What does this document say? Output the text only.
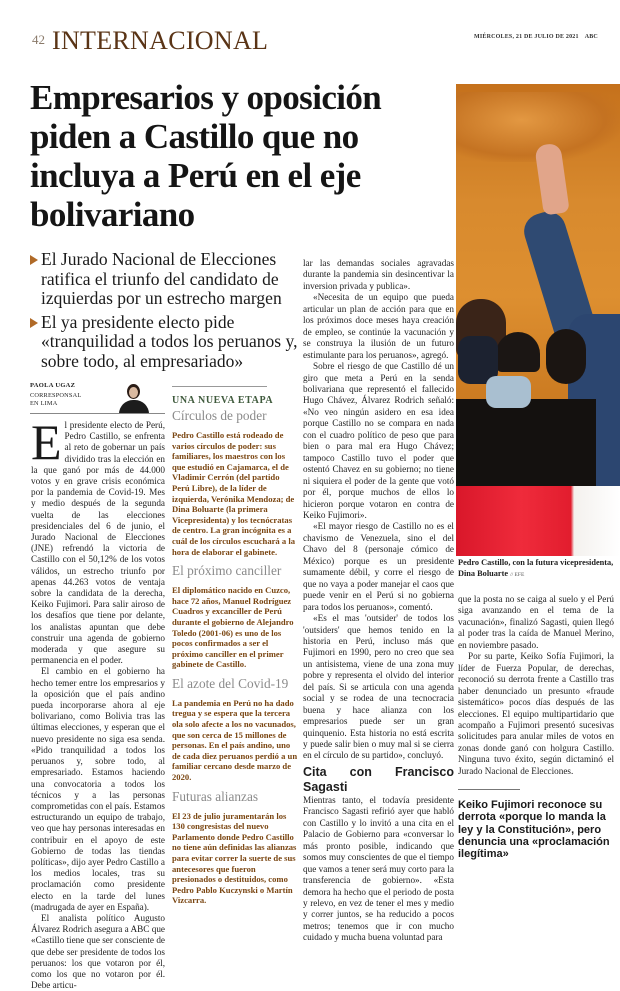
42 INTERNACIONAL	MIÉRCOLES, 21 DE JULIO DE 2021 ABC
Empresarios y oposición piden a Castillo que no incluya a Perú en el eje bolivariano

El Jurado Nacional de Elecciones ratifica el triunfo del candidato de izquierdas por un estrecho margen

El ya presidente electo pide «tranquilidad a todos los peruanos y, sobre todo, al empresariado»

PAOLA UGAZ
CORRESPONSAL
EN LIMA

El presidente electo de Perú, Pedro Castillo, se enfrenta al reto de gobernar un país dividido tras la elección en la que ganó por más de 44.000 votos y en grave crisis económica por la pandemia de Covid-19. Mes y medio después de la segunda vuelta de las elecciones presidenciales del 6 de junio, el Jurado Nacional de Elecciones (JNE) refrendó la victoria de Castillo con el 50,12% de los votos válidos, un estrecho triunfo por apenas 44.263 votos de ventaja sobre la candidata de la derecha, Keiko Fujimori. Para salir airoso de los desafíos que tiene por delante, los analistas apuntan que debe construir una agenda de gobierno moderada y que asegure su permanencia en el poder.

El cambio en el gobierno ha hecho temer entre los empresarios y la oposición que el país andino pueda incorporarse ahora al eje bolivariano, como Bolivia tras las últimas elecciones, y esperan que el nuevo presidente no siga esa senda. «Pido tranquilidad a todos los peruanos y, sobre todo, al empresariado. Estamos haciendo una convocatoria a todos los técnicos y a las personas comprometidas con el país. Estamos estructurando un equipo de trabajo, veo que hay personas interesadas en contribuir en el apoyo de este Gobierno de todas las tiendas políticas», dijo ayer Pedro Castillo a los medios locales, tras su proclamación como presidente electo en la tarde del lunes (madrugada de ayer en España).

El analista político Augusto Álvarez Rodrich asegura a ABC que «Castillo tiene que ser consciente de que debe ser presidente de todos los peruanos: los que votaron por él, como los que no votaron por él. Debe articu-

UNA NUEVA ETAPA
Círculos de poder

Pedro Castillo está rodeado de varios círculos de poder: sus familiares, los maestros con los que estudió en Cajamarca, el de Vladimir Cerrón (del partido Perú Libre), de la líder de izquierda, Verónika Mendoza; de Dina Boluarte (la primera Vicepresidenta) y los tecnócratas de centro. La gran incógnita es a cuál de los círculos escuchará a la hora de elaborar el gabinete.

El próximo canciller

El diplomático nacido en Cuzco, hace 72 años, Manuel Rodríguez Cuadros y excanciller de Perú durante el gobierno de Alejandro Toledo (2001-06) es uno de los pocos confirmados a ser el próximo canciller en el primer gabinete de Castillo.

El azote del Covid-19

La pandemia en Perú no ha dado tregua y se espera que la tercera ola solo afecte a los no vacunados, que son cerca de 15 millones de personas. En el país andino, uno de cada diez peruanos perdió a un familiar cercano desde marzo de 2020.

Futuras alianzas

El 23 de julio juramentarán los 130 congresistas del nuevo Parlamento donde Pedro Castillo no tiene aún definidas las alianzas para evitar correr la suerte de sus antecesores que fueron presionados o destituidos, como Pedro Pablo Kuczynski o Martín Vizcarra.

lar las demandas sociales agravadas durante la pandemia sin desincentivar la inversion privada y publica».

«Necesita de un equipo que pueda articular un plan de acción para que en los próximos doce meses haya creación de empleo, se continúe la vacunación y se construya la ilusión de un futuro estimulante para los peruanos», agregó.

Sobre el riesgo de que Castillo dé un giro que meta a Perú en la senda bolivariana que representó el fallecido Hugo Chávez, Álvarez Rodrich señaló: «No veo ningún asidero en esa idea porque Castillo no se compara en nada con el cuadro político de peso que para bien o para mal era Hugo Chávez; tampoco Castillo tuvo el poder que ostentó Chavez en su gobierno; no tiene ni siquiera el poder de la gente que votó por él, porque muchos de ellos lo hicieron porque votaron en contra de Keiko Fujimori».

«El mayor riesgo de Castillo no es el chavismo de Venezuela, sino el del Chavo del 8 (personaje cómico de México) porque es un presidente sumamente débil, y corre el riesgo de que no vaya a poder manejar el caos que puede venir en el Perú si no gobierna para todos los peruanos», comentó.

«Es el mas 'outsider' de todos los 'outsiders' que hemos tenido en la historia en Perú, incluso más que Fujimori en 1990, pero no creo que sea un antisistema, viene de una zona muy pobre y representa el olvido del interior del país. Si se articula con una agenda social y se rodea de una tecnocracia buena y hace alianza con los empresarios puede ser un gran quinquenio. Esta historia no está escrita y puede salir bien o muy mal si se cierra en el círculo de su partido», concluyó.

Cita con Francisco Sagasti

Mientras tanto, el todavía presidente Francisco Sagasti refirió ayer que habló con Castillo y lo invitó a una cita en el Palacio de Gobierno para «conversar lo más pronto posible, indicando que somos muy conscientes de que el tiempo que vamos a tener será muy corto para la transferencia de gobierno». «Esta demora ha hecho que el periodo de posta y relevo, en vez de tener el mes y medio y correr juntos, se ha reducido a pocos metros; tenemos que ir con mucho cuidado y mucha buena voluntad para

Pedro Castillo, con la futura vicepresidenta, Dina Boluarte // EFE

que la posta no se caiga al suelo y el Perú siga avanzando en el tema de la vacunación», finalizó Sagasti, quien llegó al poder tras la caída de Manuel Merino, en noviembre pasado.

Por su parte, Keiko Sofía Fujimori, la líder de Fuerza Popular, de derechas, reconoció su derrota frente a Castillo tras haber denunciado un presunto «fraude sistemático» pocos días después de las elecciones. El equipo multipartidario que acompaño a Fujimori presentó sucesivas solicitudes para anular miles de votos en zonas donde ganó con holgura Castillo. Ninguna tuvo éxito, según dictaminó el Jurado Nacional de Elecciones.

Keiko Fujimori reconoce su derrota «porque lo manda la ley y la Constitución», pero denuncia una «proclamación ilegítima»
